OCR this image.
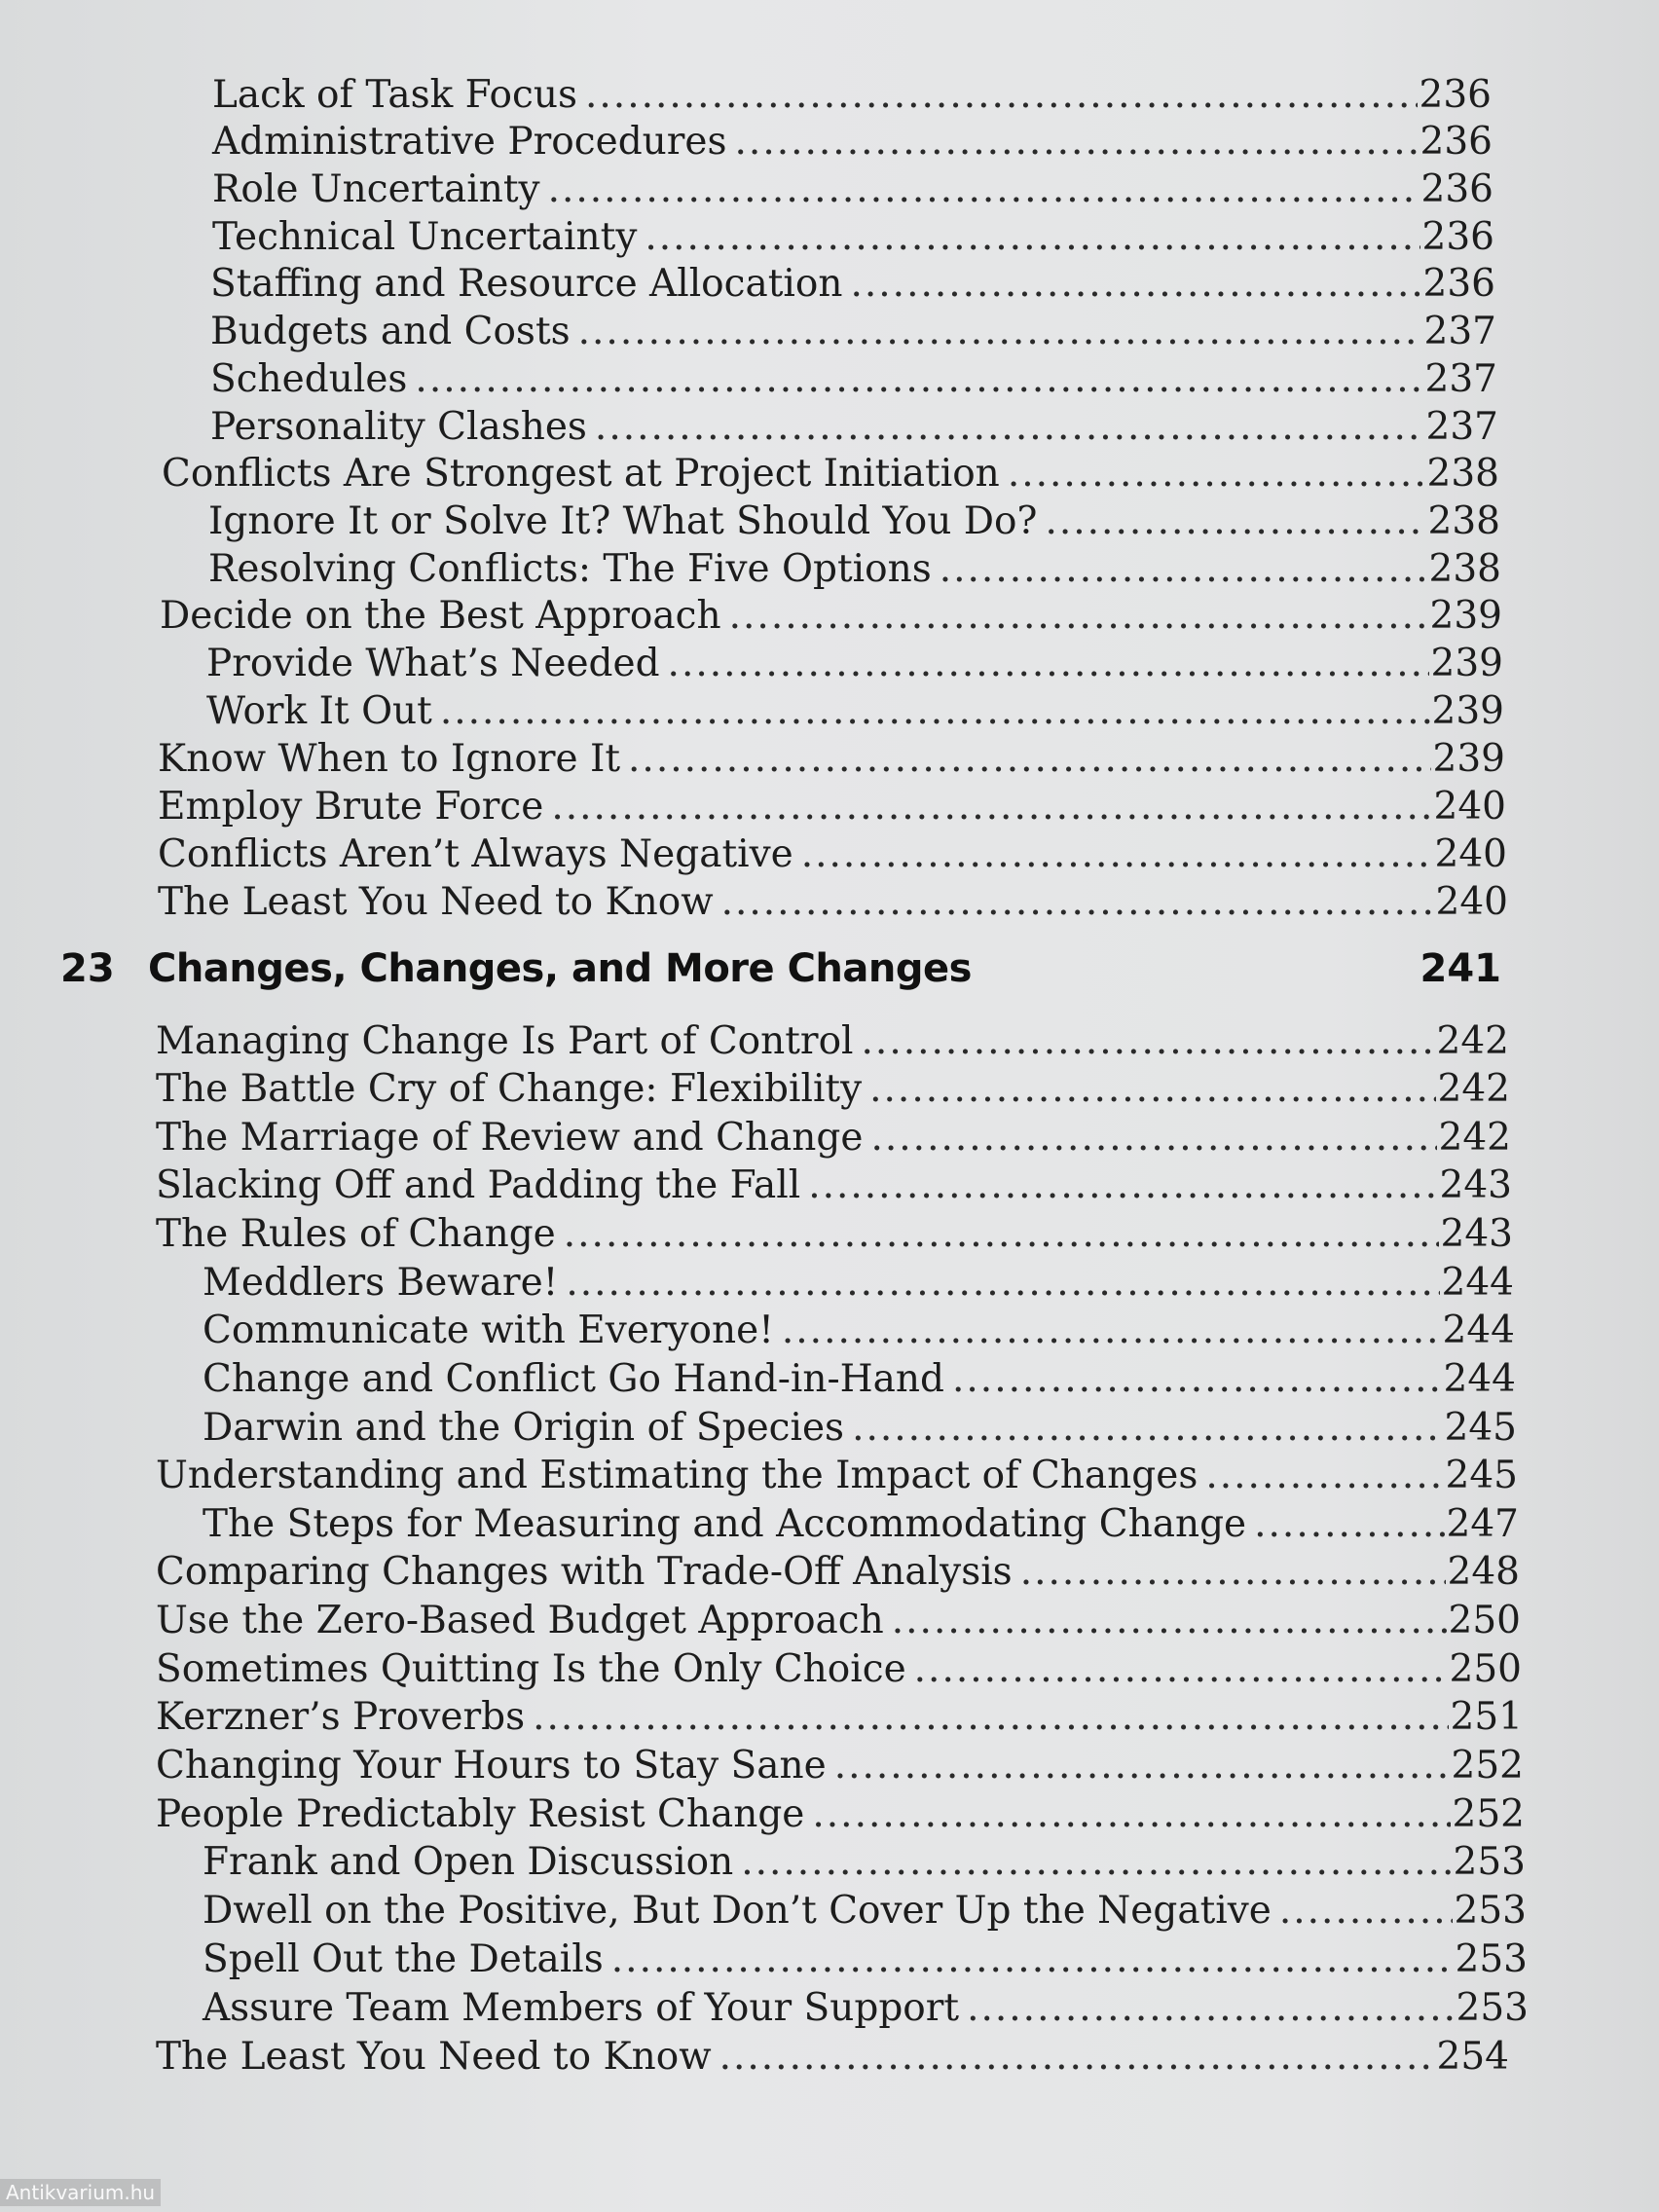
Lack of Task Focus .....	236
Administrative Procedures .....	236
Role Uncertainty .....	236
Technical Uncertainty .....	236
Staffing and Resource Allocation .....	236
Budgets and Costs .....	237
Schedules .....	237
Personality Clashes .....	237
Conflicts Are Strongest at Project Initiation .....	238
Ignore It or Solve It? What Should You Do? .....	238
Resolving Conflicts: The Five Options .....	238
Decide on the Best Approach .....	239
Provide What’s Needed .....	239
Work It Out .....	239
Know When to Ignore It .....	239
Employ Brute Force .....	240
Conflicts Aren’t Always Negative .....	240
The Least You Need to Know .....	240
23 Changes, Changes, and More Changes	241
Managing Change Is Part of Control .....	242
The Battle Cry of Change: Flexibility .....	242
The Marriage of Review and Change .....	242
Slacking Off and Padding the Fall .....	243
The Rules of Change .....	243
Meddlers Beware! .....	244
Communicate with Everyone! .....	244
Change and Conflict Go Hand-in-Hand .....	244
Darwin and the Origin of Species .....	245
Understanding and Estimating the Impact of Changes .....	245
The Steps for Measuring and Accommodating Change .....	247
Comparing Changes with Trade-Off Analysis .....	248
Use the Zero-Based Budget Approach .....	250
Sometimes Quitting Is the Only Choice .....	250
Kerzner’s Proverbs .....	251
Changing Your Hours to Stay Sane .....	252
People Predictably Resist Change .....	252
Frank and Open Discussion .....	253
Dwell on the Positive, But Don’t Cover Up the Negative .....	253
Spell Out the Details .....	253
Assure Team Members of Your Support .....	253
The Least You Need to Know .....	254
Antikvarium.hu
